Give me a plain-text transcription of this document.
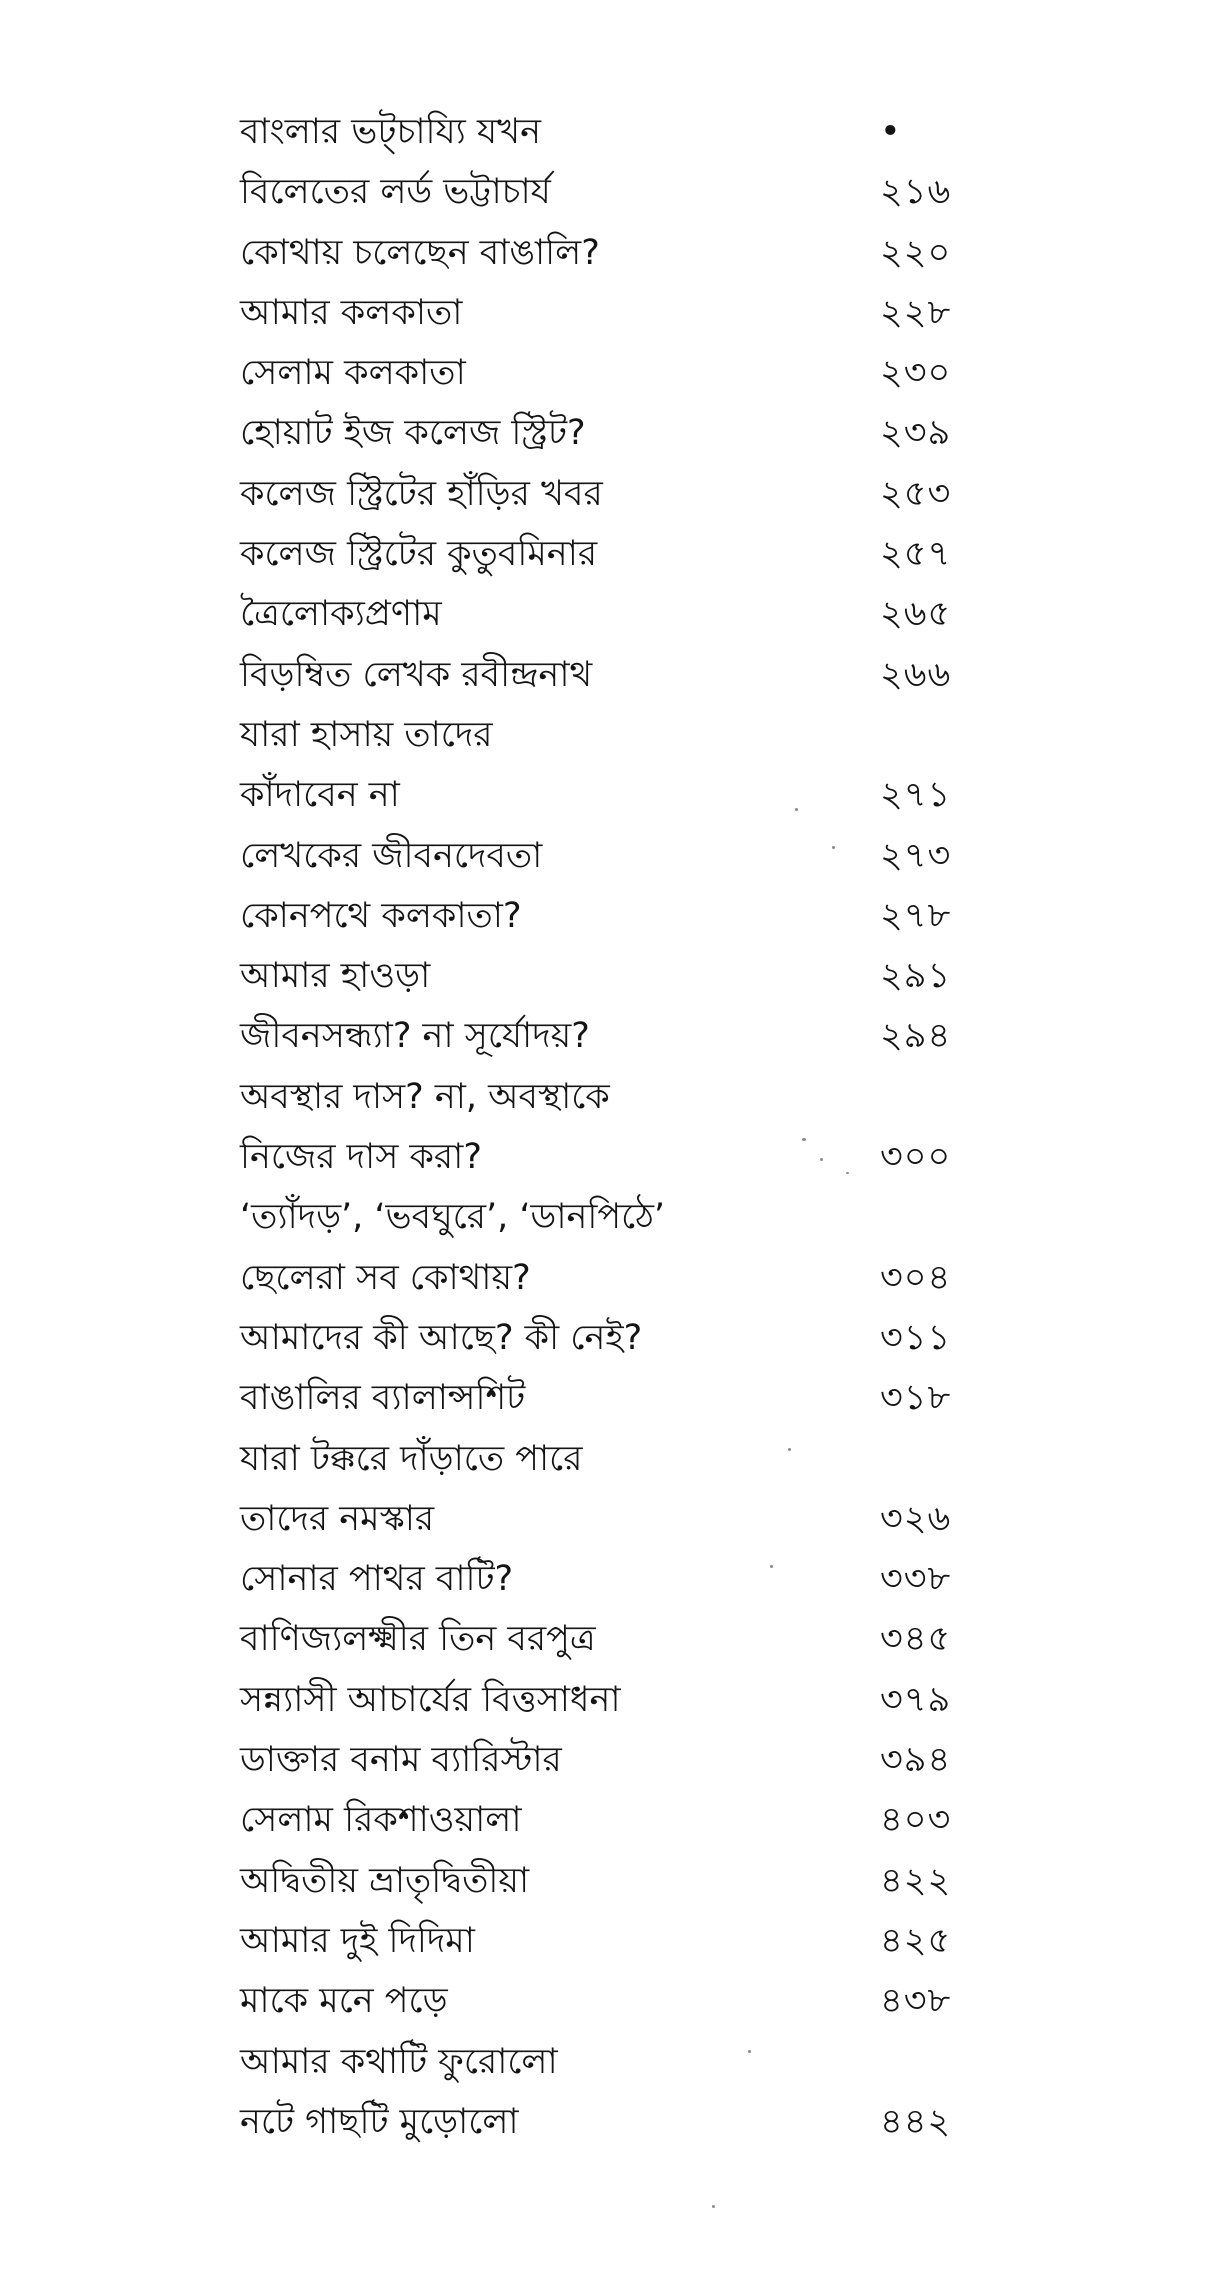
বাংলার ভট্‌চায্যি যখন	•
বিলেতের লর্ড ভট্টাচার্য	২১৬
কোথায় চলেছেন বাঙালি?	২২০
আমার কলকাতা	২২৮
সেলাম কলকাতা	২৩০
হোয়াট ইজ কলেজ স্ট্রিট?	২৩৯
কলেজ স্ট্রিটের হাঁড়ির খবর	২৫৩
কলেজ স্ট্রিটের কুতুবমিনার	২৫৭
ত্রৈলোক্যপ্রণাম	২৬৫
বিড়ম্বিত লেখক রবীন্দ্রনাথ	২৬৬
যারা হাসায় তাদের
কাঁদাবেন না	২৭১
লেখকের জীবনদেবতা	২৭৩
কোনপথে কলকাতা?	২৭৮
আমার হাওড়া	২৯১
জীবনসন্ধ্যা? না সূর্যোদয়?	২৯৪
অবস্থার দাস? না, অবস্থাকে
নিজের দাস করা?	৩০০
‘ত্যাঁদড়’, ‘ভবঘুরে’, ‘ডানপিঠে’
ছেলেরা সব কোথায়?	৩০৪
আমাদের কী আছে? কী নেই?	৩১১
বাঙালির ব্যালান্সশিট	৩১৮
যারা টক্করে দাঁড়াতে পারে
তাদের নমস্কার	৩২৬
সোনার পাথর বাটি?	৩৩৮
বাণিজ্যলক্ষ্মীর তিন বরপুত্র	৩৪৫
সন্ন্যাসী আচার্যের বিত্তসাধনা	৩৭৯
ডাক্তার বনাম ব্যারিস্টার	৩৯৪
সেলাম রিকশাওয়ালা	৪০৩
অদ্বিতীয় ভ্রাতৃদ্বিতীয়া	৪২২
আমার দুই দিদিমা	৪২৫
মাকে মনে পড়ে	৪৩৮
আমার কথাটি ফুরোলো
নটে গাছটি মুড়োলো	৪৪২
